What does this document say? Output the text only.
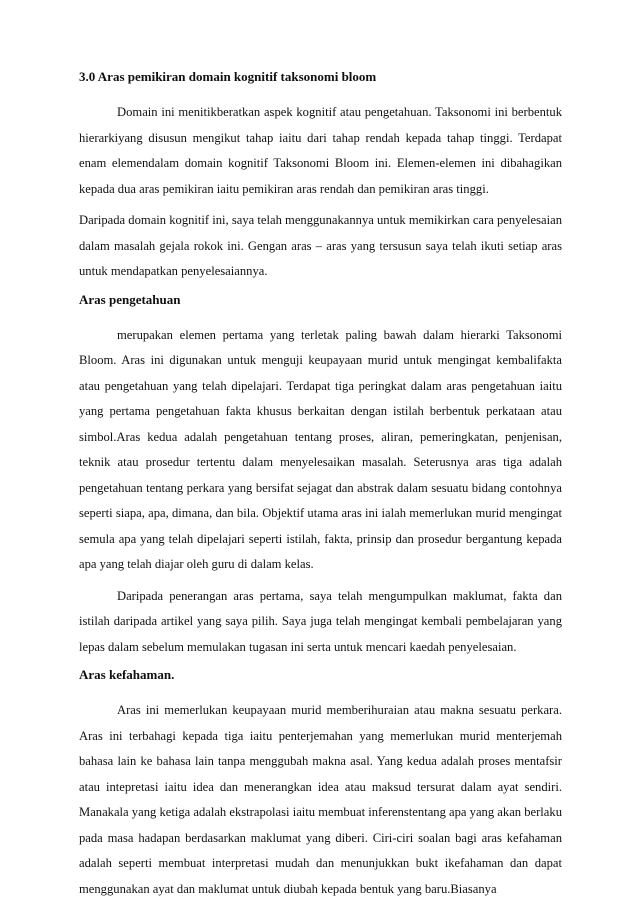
3.0 Aras pemikiran domain kognitif taksonomi bloom

Domain ini menitikberatkan aspek kognitif atau pengetahuan. Taksonomi ini berbentuk hierarkiyang disusun mengikut tahap iaitu dari tahap rendah kepada tahap tinggi. Terdapat enam elemendalam domain kognitif Taksonomi Bloom ini. Elemen-elemen ini dibahagikan kepada dua aras pemikiran iaitu pemikiran aras rendah dan pemikiran aras tinggi.

Daripada domain kognitif ini, saya telah menggunakannya untuk memikirkan cara penyelesaian dalam masalah gejala rokok ini. Gengan aras – aras yang tersusun saya telah ikuti setiap aras untuk mendapatkan penyelesaiannya.

Aras pengetahuan

merupakan elemen pertama yang terletak paling bawah dalam hierarki Taksonomi Bloom. Aras ini digunakan untuk menguji keupayaan murid untuk mengingat kembalifakta atau pengetahuan yang telah dipelajari. Terdapat tiga peringkat dalam aras pengetahuan iaitu yang pertama pengetahuan fakta khusus berkaitan dengan istilah berbentuk perkataan atau simbol.Aras kedua adalah pengetahuan tentang proses, aliran, pemeringkatan, penjenisan, teknik atau prosedur tertentu dalam menyelesaikan masalah. Seterusnya aras tiga adalah pengetahuan tentang perkara yang bersifat sejagat dan abstrak dalam sesuatu bidang contohnya seperti siapa, apa, dimana, dan bila. Objektif utama aras ini ialah memerlukan murid mengingat semula apa yang telah dipelajari seperti istilah, fakta, prinsip dan prosedur bergantung kepada apa yang telah diajar oleh guru di dalam kelas.

Daripada penerangan aras pertama, saya telah mengumpulkan maklumat, fakta dan istilah daripada artikel yang saya pilih. Saya juga telah mengingat kembali pembelajaran yang lepas dalam sebelum memulakan tugasan ini serta untuk mencari kaedah penyelesaian.

Aras kefahaman.

Aras ini memerlukan keupayaan murid memberihuraian atau makna sesuatu perkara. Aras ini terbahagi kepada tiga iaitu penterjemahan yang memerlukan murid menterjemah bahasa lain ke bahasa lain tanpa menggubah makna asal. Yang kedua adalah proses mentafsir atau intepretasi iaitu idea dan menerangkan idea atau maksud tersurat dalam ayat sendiri. Manakala yang ketiga adalah ekstrapolasi iaitu membuat inferenstentang apa yang akan berlaku pada masa hadapan berdasarkan maklumat yang diberi. Ciri-ciri soalan bagi aras kefahaman adalah seperti membuat interpretasi mudah dan menunjukkan bukt ikefahaman dan dapat menggunakan ayat dan maklumat untuk diubah kepada bentuk yang baru.Biasanya
